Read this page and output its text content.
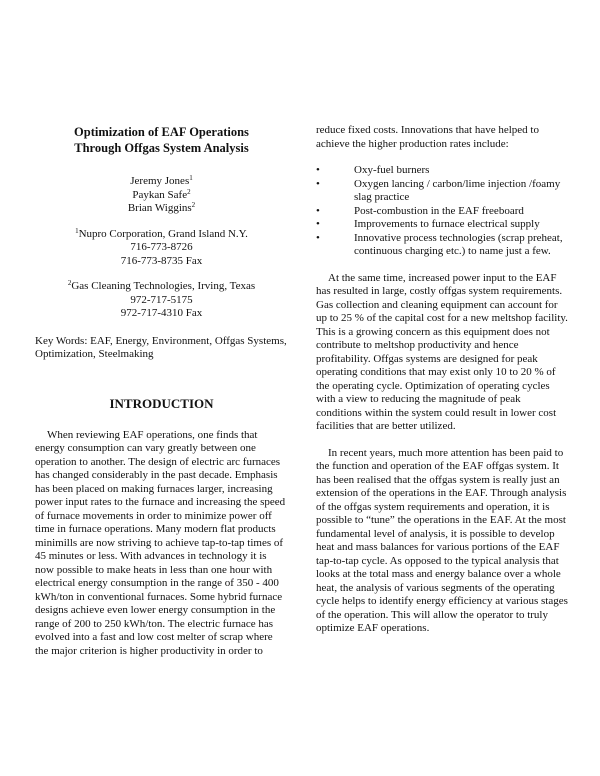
Optimization of EAF Operations
Through Offgas System Analysis
Jeremy Jones$^1$
Paykan Safe$^2$
Brian Wiggins$^2$
$^1$Nupro Corporation, Grand Island N.Y.
716-773-8726
716-773-8735 Fax
$^2$Gas Cleaning Technologies, Irving, Texas
972-717-5175
972-717-4310 Fax
Key Words: EAF, Energy, Environment, Offgas Systems, Optimization, Steelmaking
INTRODUCTION

When reviewing EAF operations, one finds that energy consumption can vary greatly between one operation to another. The design of electric arc furnaces has changed considerably in the past decade. Emphasis has been placed on making furnaces larger, increasing power input rates to the furnace and increasing the speed of furnace movements in order to minimize power off time in furnace operations. Many modern flat products minimills are now striving to achieve tap-to-tap times of 45 minutes or less. With advances in technology it is now possible to make heats in less than one hour with electrical energy consumption in the range of 350 - 400 kWh/ton in conventional furnaces. Some hybrid furnace designs achieve even lower energy consumption in the range of 200 to 250 kWh/ton. The electric furnace has evolved into a fast and low cost melter of scrap where the major criterion is higher productivity in order to

reduce fixed costs. Innovations that have helped to achieve the higher production rates include:

•	Oxy-fuel burners
•	Oxygen lancing / carbon/lime injection /foamy slag practice
•	Post-combustion in the EAF freeboard
•	Improvements to furnace electrical supply
•	Innovative process technologies (scrap preheat, continuous charging etc.) to name just a few.

At the same time, increased power input to the EAF has resulted in large, costly offgas system requirements. Gas collection and cleaning equipment can account for up to 25 % of the capital cost for a new meltshop facility. This is a growing concern as this equipment does not contribute to meltshop productivity and hence profitability. Offgas systems are designed for peak operating conditions that may exist only 10 to 20 % of the operating cycle. Optimization of operating cycles with a view to reducing the magnitude of peak conditions within the system could result in lower cost facilities that are better utilized.

In recent years, much more attention has been paid to the function and operation of the EAF offgas system. It has been realised that the offgas system is really just an extension of the operations in the EAF. Through analysis of the offgas system requirements and operation, it is possible to “tune” the operations in the EAF. At the most fundamental level of analysis, it is possible to develop heat and mass balances for various portions of the EAF tap-to-tap cycle. As opposed to the typical analysis that looks at the total mass and energy balance over a whole heat, the analysis of various segments of the operating cycle helps to identify energy efficiency at various stages of the operation. This will allow the operator to truly optimize EAF operations.
